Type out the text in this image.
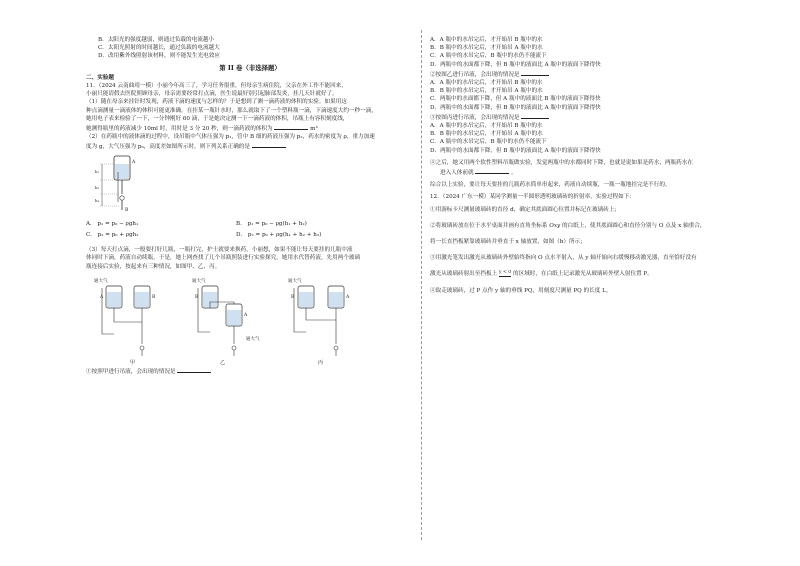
B．太阳光的强度越弱，则通过负载的电流越小
C．太阳光照射的时间越长，通过负载的电流越大
D．改用紫外线照射该材料，则不能发生光电效应
第 II 卷（非选择题）
二、实验题
11．（2024 云南曲靖一模）小丽今年高三了，学习任务很重，但母亲生病住院，父亲在外工作不能回来，
小丽只能请假去医院照顾母亲，母亲需要经常打点滴，医生说最好别引起肺部发炎，挂几天针就好了。
（1）随在母亲来挂针时发现，药液下滴的速度与怎样的？于是想到了测一滴药液的体积的实验。如果用这
种点滴测量一滴液体的体积可能更准确。在挂某一瓶针水时，那么就取下了一个塑料瓶一滴，下滴速度大约一秒一滴，
她用电子表来检验了一下，一分钟刚好 60 滴，于是她决定测一下一滴药液的体积，吊瓶上有容积刻度线，
她测得瓶里的药液减少 10ml 时，用时是 3 分 20 秒，则一滴药液的体积为	m³
（2）在药瓶中的液体滴的过程中，设吊瓶中气体压强为 p₁，管中 B 细的药液压强为 p₂，药水的密度为 ρ，重力加速
度为 g，大气压强为 p₀，高度差如图所示时，则下列关系正确的是
A
B
h₁
h₂
h₃
A． p₁ = p₀ − ρgh₁	B． p₁ = p₀ − ρg(h₁ + h₂)
C． p₂ = p₀ + ρgh₂	D． p₂ = p₀ + ρg(h₁ + h₂ + h₃)
（3）每天打点滴，一般要打好几瓶，一瓶打完，护士就要来换药，小丽想，如果不能让每天要挂的几瓶中液
体同时下滴，药液自动续瓶，于是，她上网查找了几个吊瓶照装进行实验探究。她用水代替药液，先用两个玻璃
瓶连接后实验，按起来有三种情况，如图甲、乙、丙。
通大气
A	B
甲
通大气
B
A
通大气
乙
通大气
B	A
丙
①按照甲进行吊液，会出现的情况是
A．A 瓶中的水吊完后，才开始吊 B 瓶中的水
B．B 瓶中的水吊完后，才开始吊 A 瓶中的水
C．A 瓶中的水吊完后，B 瓶中的水仍不能流下
D．两瓶中的水面都下降，但 B 瓶中的液面比 A 瓶中的液面下降得快
②按图乙进行吊液，会出现的情况是
A．A 瓶中的水吊完后，才开始吊 B 瓶中的水
B．B 瓶中的水吊完后，才开始吊 A 瓶中的水
C．两瓶中的水面都下降，但 A 瓶中的液面比 B 瓶中的液面下降得快
D．两瓶中的水面都下降，但 B 瓶中的液面比 A 瓶中的液面下降得快
③按图丙进行吊液，会出现的情况是
A．A 瓶中的水吊完后，才开始吊 B 瓶中的水
B．B 瓶中的水吊完后，才开始吊 A 瓶中的水
C．A 瓶中的水吊完后，B 瓶中的水仍不能流下
D．两瓶中的水面都下降，但 B 瓶中的液面比 A 瓶中的液面下降得快
④之后，她又用两个软性塑料吊瓶做实验，发觉两瓶中的水都同时下降，也就是说如果是药水，两瓶药水在
进入人体前就	。
综合以上实验，要让每天要挂的几瓶药水简单串起来，药液自动续瓶，一瓶一瓶地挂完是不行的。
12．（2024 广东一模）某同学测量一半圆形透明玻璃砖的折射率，实验过程如下：
①用游标卡尺测量玻璃砖的直径 d，确定其底面圆心位置并标记在玻璃砖上；
②将玻璃砖放在位于水平桌面并画有直角坐标系 Oxy 的白纸上，使其底面圆心和直径分别与 O 点及 x 轴重合，
将一长直挡板紧靠玻璃砖并垂直于 x 轴放置，如图（b）所示；
③用激光笔发出激光从玻璃砖外壁始终指向 O 点水平射入，从 y 轴开始向右缓慢移动激光器，直至恰好没有
激光从玻璃砖射出至挡板上 y < 0 的区域时，在白纸上记录激光从玻璃砖外壁入射位置 P。
④取走玻璃砖，过 P 点作 y 轴的垂线 PQ，用刻度尺测量 PQ 的长度 L。
